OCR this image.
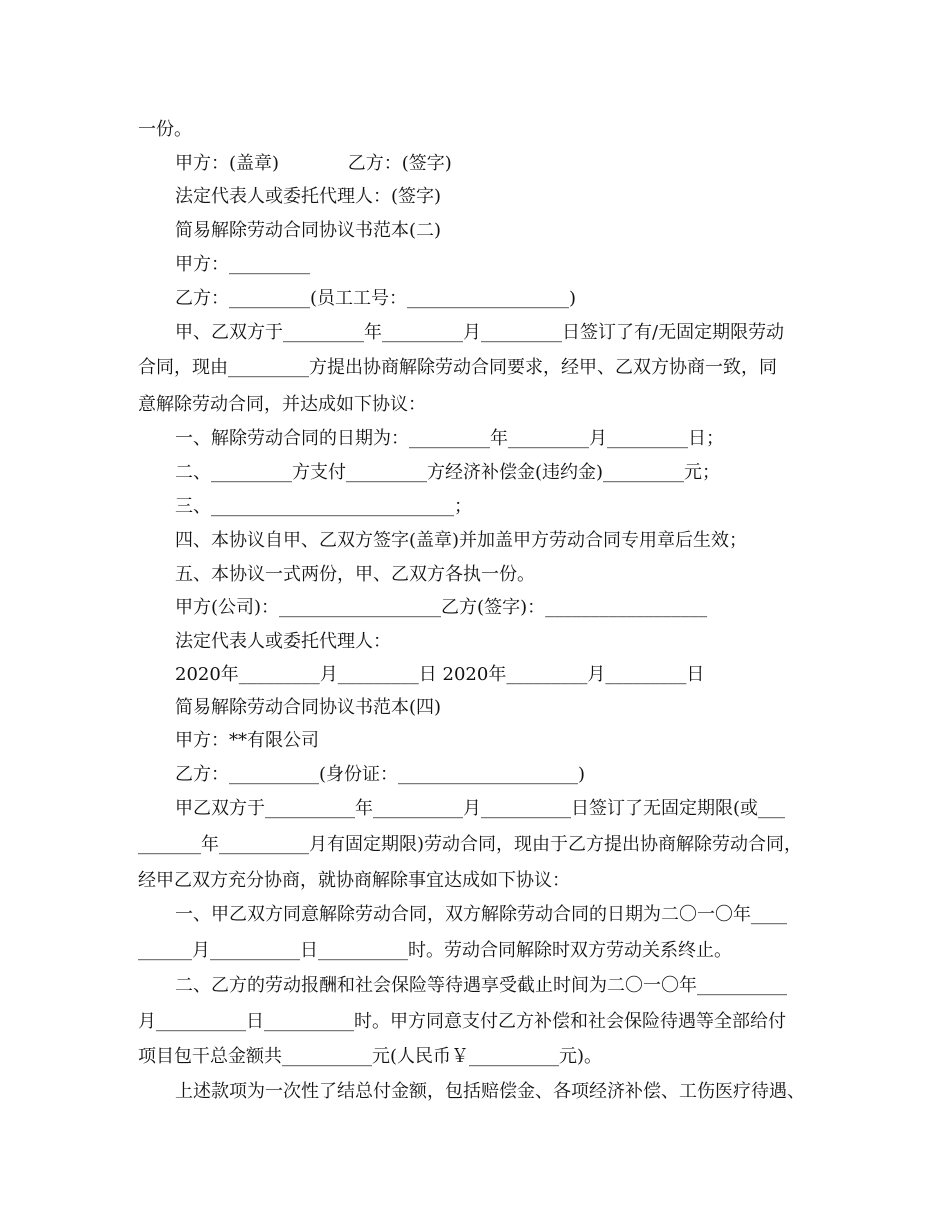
一份。
甲方：(盖章)            乙方：(签字)
法定代表人或委托代理人：(签字)
简易解除劳动合同协议书范本(二)
甲方：_________
乙方：_________(员工工号：__________________)
甲、乙双方于_________年_________月_________日签订了有/无固定期限劳动
合同，现由_________方提出协商解除劳动合同要求，经甲、乙双方协商一致，同
意解除劳动合同，并达成如下协议：
一、解除劳动合同的日期为：_________年_________月_________日；
二、_________方支付_________方经济补偿金(违约金)_________元；
三、___________________________；
四、本协议自甲、乙双方签字(盖章)并加盖甲方劳动合同专用章后生效；
五、本协议一式两份，甲、乙双方各执一份。
甲方(公司)：__________________乙方(签字)：__________________
法定代表人或委托代理人：
2020年_________月_________日 2020年_________月_________日
简易解除劳动合同协议书范本(四)
甲方：**有限公司
乙方：__________(身份证：____________________)
甲乙双方于__________年__________月__________日签订了无固定期限(或___
_______年__________月有固定期限)劳动合同，现由于乙方提出协商解除劳动合同，
经甲乙双方充分协商，就协商解除事宜达成如下协议：
一、甲乙双方同意解除劳动合同，双方解除劳动合同的日期为二〇一〇年____
______月__________日__________时。劳动合同解除时双方劳动关系终止。
二、乙方的劳动报酬和社会保险等待遇享受截止时间为二〇一〇年__________
月__________日__________时。甲方同意支付乙方补偿和社会保险待遇等全部给付
项目包干总金额共__________元(人民币￥__________元)。
上述款项为一次性了结总付金额，包括赔偿金、各项经济补偿、工伤医疗待遇、
